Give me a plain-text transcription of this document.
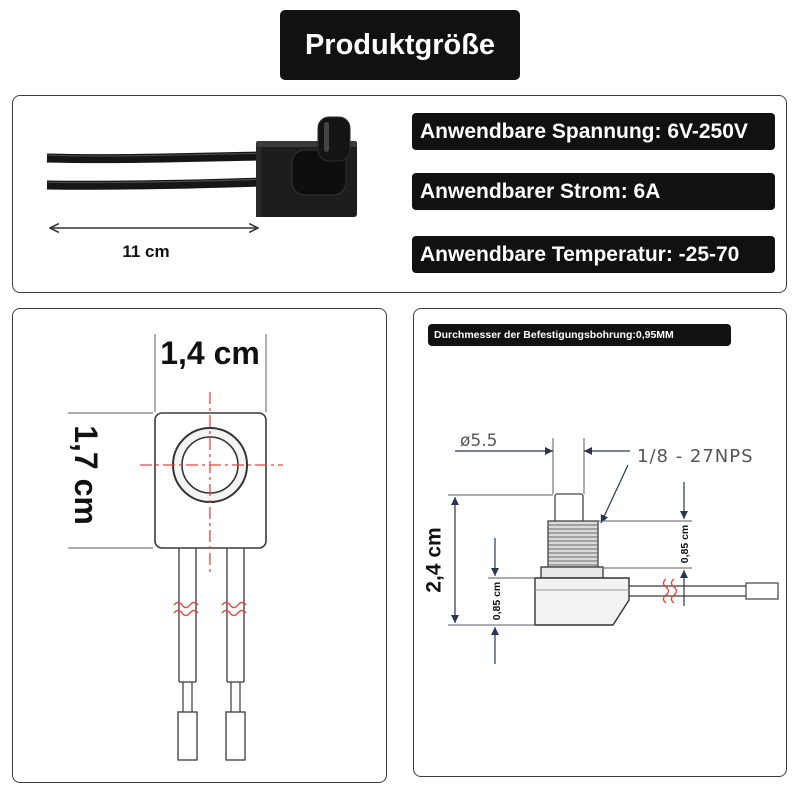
Produktgröße
Anwendbare Spannung: 6V-250V
Anwendbarer Strom: 6A
Anwendbare Temperatur: -25-70
Durchmesser der Befestigungsbohrung:0,95MM
11 cm
1,4 cm
1,7 cm	ø5.5
1/8 - 27NPS
2,4 cm
0,85 cm
0,85 cm
